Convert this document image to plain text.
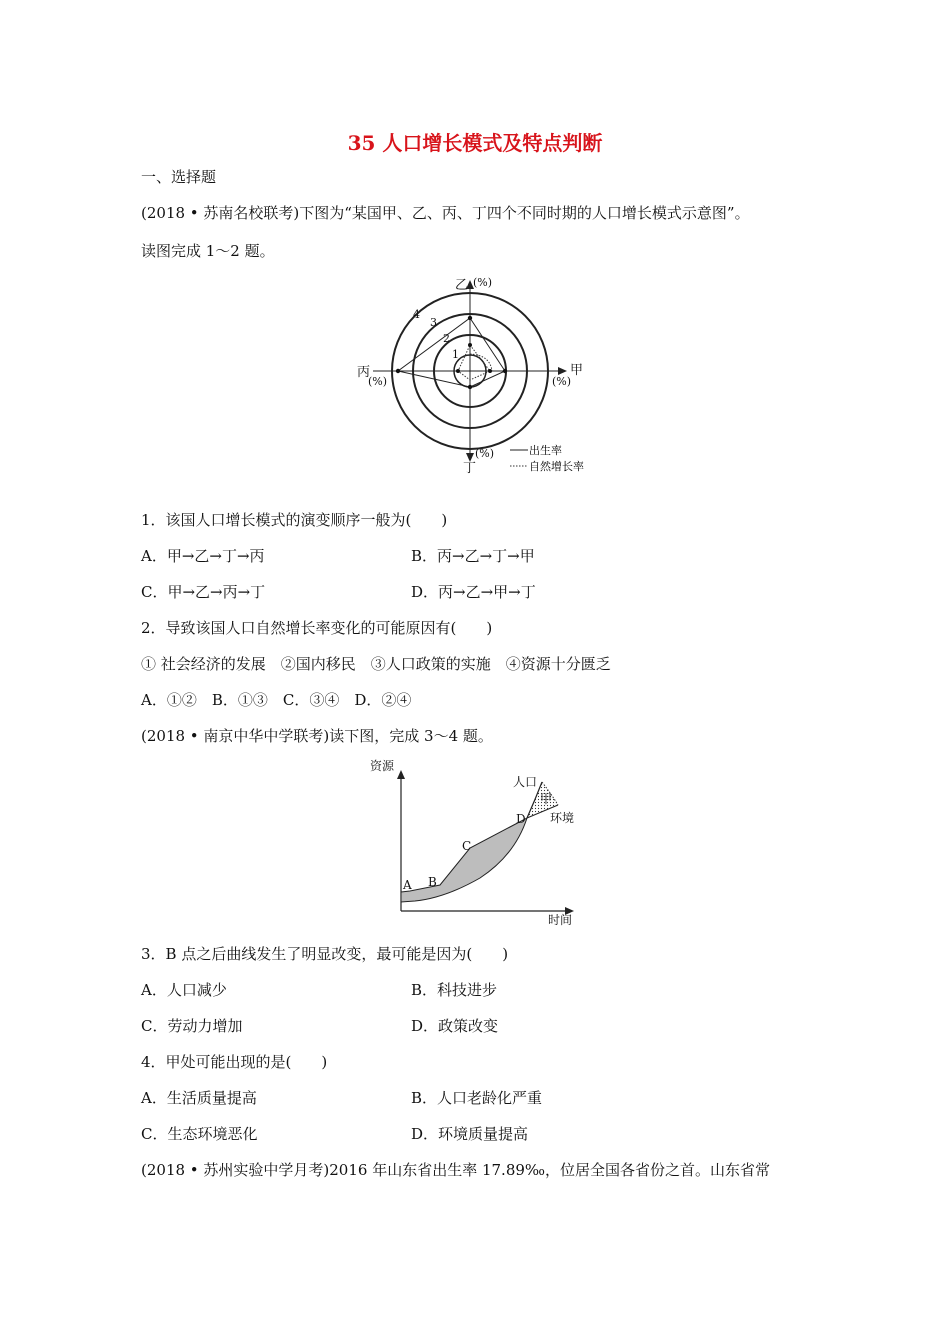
35 人口增长模式及特点判断
一、选择题
(2018 • 苏南名校联考)下图为“某国甲、乙、丙、丁四个不同时期的人口增长模式示意图”。
读图完成 1～2 题。
乙 (%)
甲
(%)
丙
(%)
丁
(%)
1
2
3
4
出生率
自然增长率
1．该国人口增长模式的演变顺序一般为(　　)
A．甲→乙→丁→丙	B．丙→乙→丁→甲
C．甲→乙→丙→丁	D．丙→乙→甲→丁
2．导致该国人口自然增长率变化的可能原因有(　　)
① 社会经济的发展　②国内移民　③人口政策的实施　④资源十分匮乏
A．①②　B．①③　C．③④　D．②④
(2018 • 南京中华中学联考)读下图，完成 3～4 题。
资源
时间
人口
环境
甲
A B
C
D
3．B 点之后曲线发生了明显改变，最可能是因为(　　)
A．人口减少	B．科技进步
C．劳动力增加	D．政策改变
4．甲处可能出现的是(　　)
A．生活质量提高	B．人口老龄化严重
C．生态环境恶化	D．环境质量提高
(2018 • 苏州实验中学月考)2016 年山东省出生率 17.89‰，位居全国各省份之首。山东省常
